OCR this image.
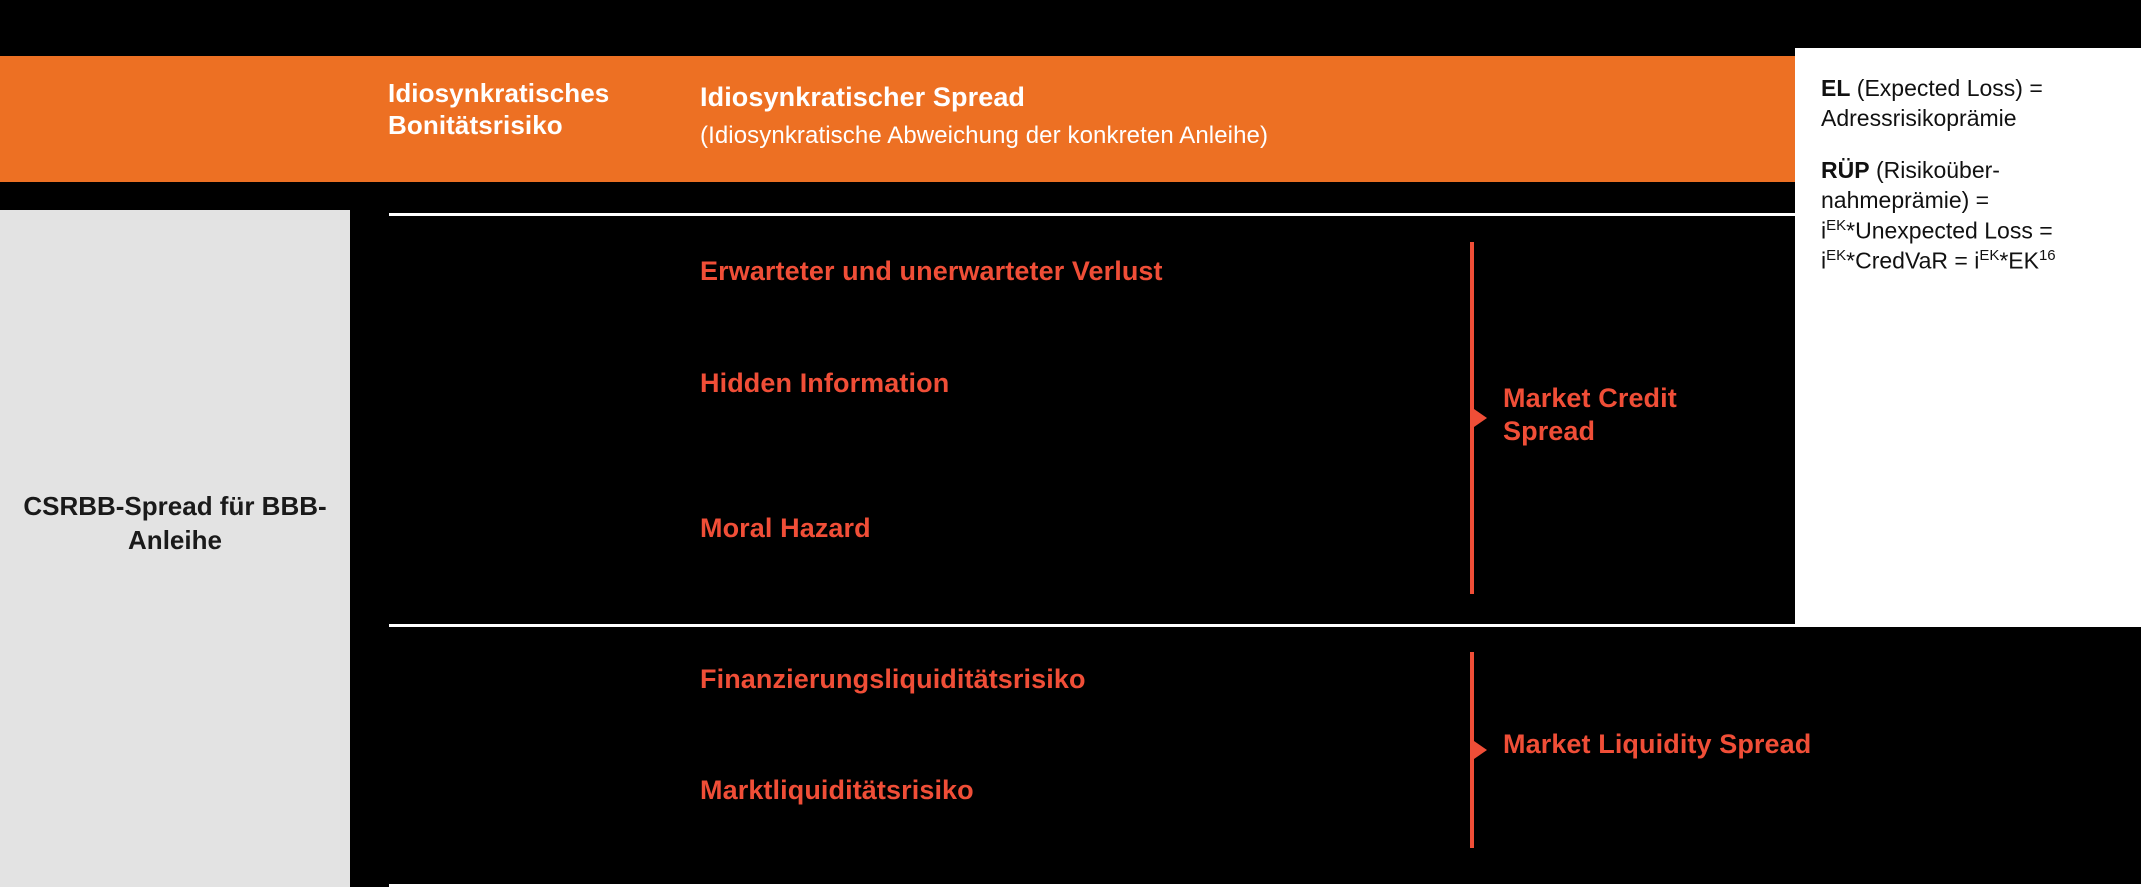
Idiosynkratisches Bonitätsrisiko
Idiosynkratischer Spread
(Idiosynkratische Abweichung der konkreten Anleihe)
CSRBB-Spread für BBB-Anleihe
Erwarteter und unerwarteter Verlust
Hidden Information
Moral Hazard
Finanzierungsliquiditätsrisiko
Marktliquiditätsrisiko
Market Credit Spread
Market Liquidity Spread

EL (Expected Loss) = Adressrisikoprämie

RÜP (Risikoüber-
nahmeprämie) =
$i^{EK}*Unexpected$ Loss =
$i^{EK}*CredVaR = i^{EK}*EK^{16}$
